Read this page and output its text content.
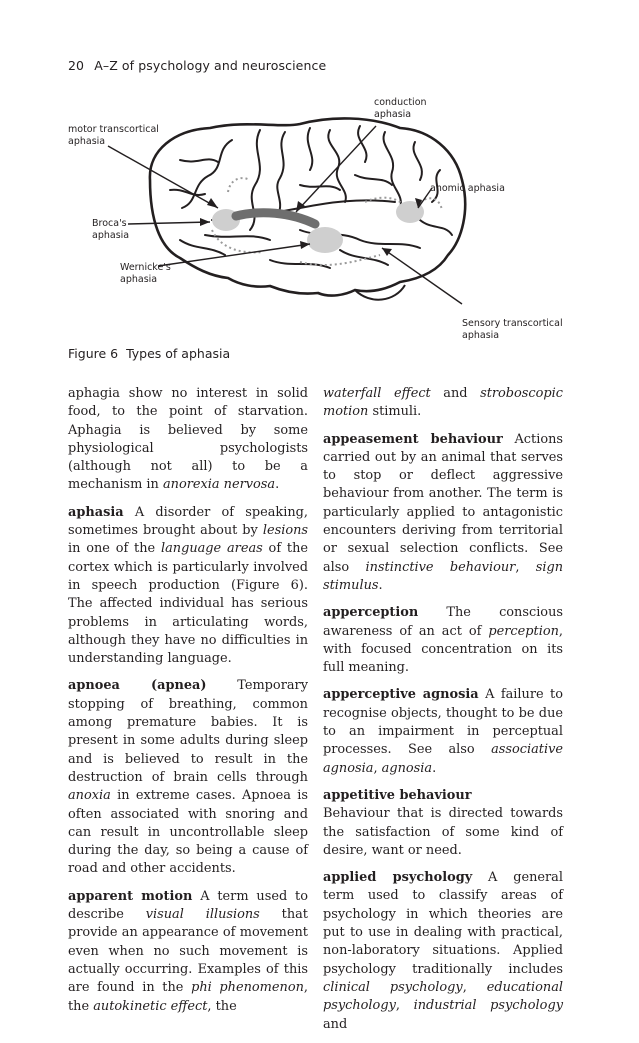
20 A–Z of psychology and neuroscience
conduction
aphasia
motor transcortical
aphasia
anomic aphasia
Broca's
aphasia
Wernicke's
aphasia
Sensory transcortical
aphasia
Figure 6 Types of aphasia

aphagia show no interest in solid food, to the point of starvation. Aphagia is believed by some physiological psychologists (although not all) to be a mechanism in anorexia nervosa.

aphasia A disorder of speaking, sometimes brought about by lesions in one of the language areas of the cortex which is particularly involved in speech production (Figure 6). The affected individual has serious problems in articulating words, although they have no difficulties in understanding language.

apnoea (apnea) Temporary stopping of breathing, common among premature babies. It is present in some adults during sleep and is believed to result in the destruction of brain cells through anoxia in extreme cases. Apnoea is often associated with snoring and can result in uncontrollable sleep during the day, so being a cause of road and other accidents.

apparent motion A term used to describe visual illusions that provide an appearance of movement even when no such movement is actually occurring. Examples of this are found in the phi phenomenon, the autokinetic effect, the

waterfall effect and stroboscopic motion stimuli.

appeasement behaviour Actions carried out by an animal that serves to stop or deflect aggressive behaviour from another. The term is particularly applied to antagonistic encounters deriving from territorial or sexual selection conflicts. See also instinctive behaviour, sign stimulus.

apperception The conscious awareness of an act of perception, with focused concentration on its full meaning.

apperceptive agnosia A failure to recognise objects, thought to be due to an impairment in perceptual processes. See also associative agnosia, agnosia.

appetitive behaviour
Behaviour that is directed towards the satisfaction of some kind of desire, want or need.

applied psychology A general term used to classify areas of psychology in which theories are put to use in dealing with practical, non-laboratory situations. Applied psychology traditionally includes clinical psychology, educational psychology, industrial psychology and
